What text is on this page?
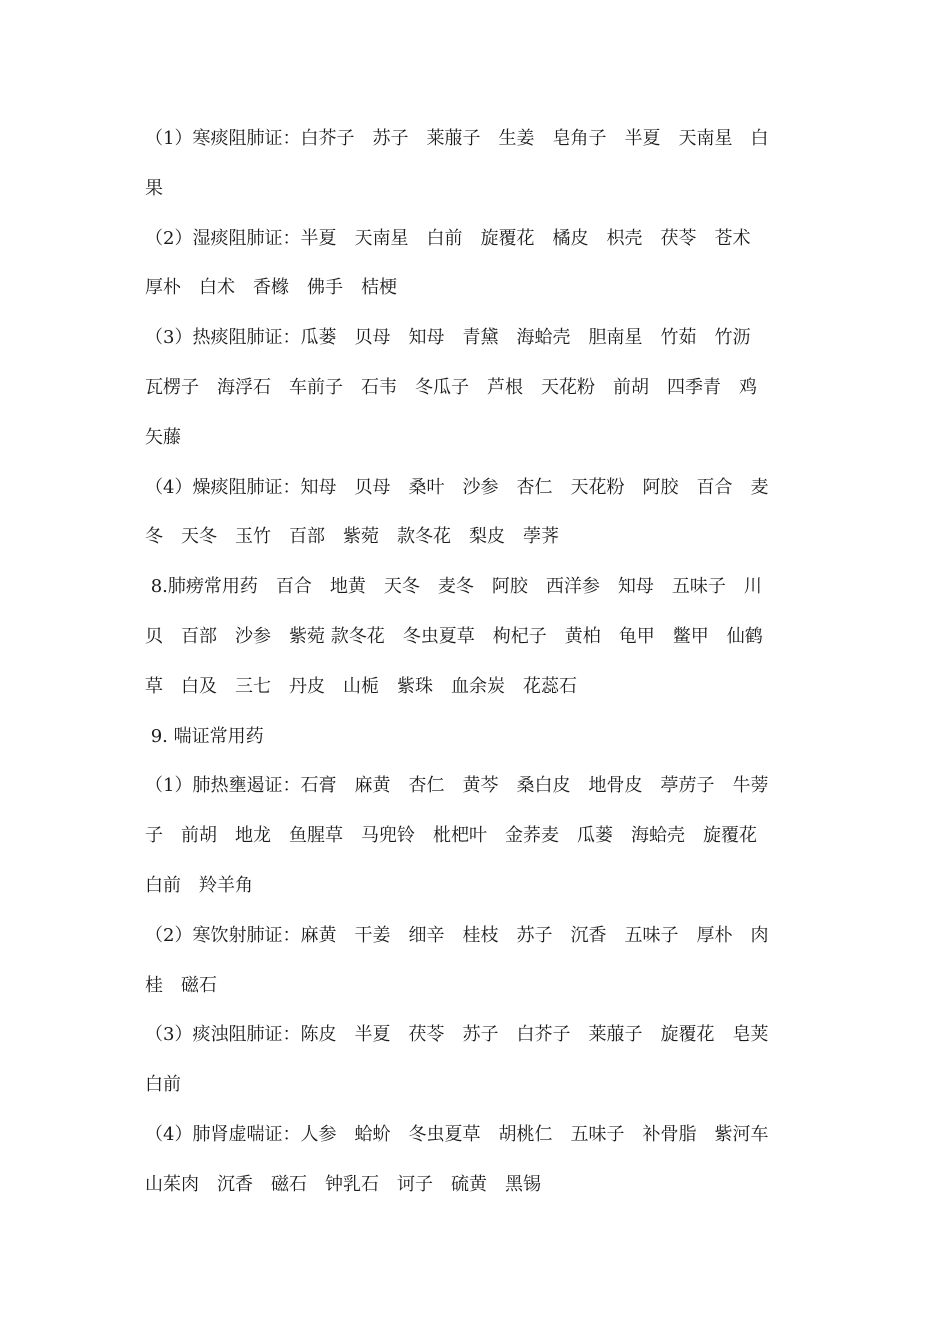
（1）寒痰阻肺证：白芥子　苏子　莱菔子　生姜　皂角子　半夏　天南星　白
果
（2）湿痰阻肺证：半夏　天南星　白前　旋覆花　橘皮　枳壳　茯苓　苍术
厚朴　白术　香橼　佛手　桔梗
（3）热痰阻肺证：瓜蒌　贝母　知母　青黛　海蛤壳　胆南星　竹茹　竹沥
瓦楞子　海浮石　车前子　石韦　冬瓜子　芦根　天花粉　前胡　四季青　鸡
矢藤
（4）燥痰阻肺证：知母　贝母　桑叶　沙参　杏仁　天花粉　阿胶　百合　麦
冬　天冬　玉竹　百部　紫菀　款冬花　梨皮　荸荠
8.肺痨常用药　百合　地黄　天冬　麦冬　阿胶　西洋参　知母　五味子　川
贝　百部　沙参　紫菀 款冬花　冬虫夏草　枸杞子　黄柏　龟甲　鳖甲　仙鹤
草　白及　三七　丹皮　山栀　紫珠　血余炭　花蕊石
9. 喘证常用药
（1）肺热壅遏证：石膏　麻黄　杏仁　黄芩　桑白皮　地骨皮　葶苈子　牛蒡
子　前胡　地龙　鱼腥草　马兜铃　枇杷叶　金荞麦　瓜蒌　海蛤壳　旋覆花
白前　羚羊角
（2）寒饮射肺证：麻黄　干姜　细辛　桂枝　苏子　沉香　五味子　厚朴　肉
桂　磁石
（3）痰浊阻肺证：陈皮　半夏　茯苓　苏子　白芥子　莱菔子　旋覆花　皂荚
白前
（4）肺肾虚喘证：人参　蛤蚧　冬虫夏草　胡桃仁　五味子　补骨脂　紫河车
山茱肉　沉香　磁石　钟乳石　诃子　硫黄　黑锡
